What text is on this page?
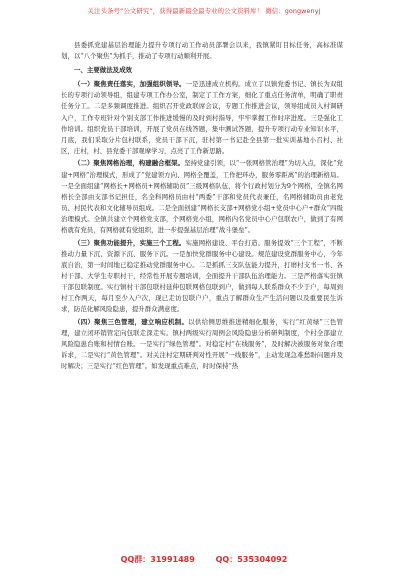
关注头条号“公文研究”，获得最新最全最专业的公文资料库！ 微信：gongwenyj

县委抓党建基层治理能力提升专项行动工作动员部署会以来，我镇紧盯目标任务，高标准谋划，以“八个聚焦”为抓手，推动了专项行动顺利开展。

一、主要做法及成效

（一）聚焦责任落实，加强组织领导。一是迅速成立机构。成立了以镇党委书记、镇长为双组长的专项行动领导组，组建专项工作办公室，制定了工作方案，细化了重点任务清单，明确了职责任务分工。二是多频调度推进。组织召开党政联席会议，专题工作推进会议，领导组成员入村调研入户，工作专班针对个别支部工作推进缓慢的及时到村指导，牢牢掌握工作时序进度。三是强化工作培训。组织党员干部培训，开展了党员在线答题，集中测试答题，提升专项行动专业知识水平，月底，我们采取分片包村联系，党员干部下沉，驻村第一书记赴全县第一批实训基地小召村、社区，庄村，村、县党委干部观摩学习，点亮了工作新思路。

（二）聚焦网格治理，构建融合框架。坚持党建引领，以“一张网格管治理”为切入点，深化“党建+网格”治理模式，形成了“党建领方向、网格全覆盖，工作把环办，服务零距离”的治理新格局。一是全面组建“网格长+网格员+网格辅助员”三级网格队伍，将个行政村划分为9个网格，全镇名网格长全部由支部书记担任，名全科网格员由村“两委”干部和党员代表兼任，名网格辅助员由老党员、村民代表和文化辅导员组成。二是全面创建“网格长支部+网格党小组+党员中心户+群众”四级治理模式。全镇共建立个网格党支部，个网格党小组，网格内名党员中心户包联农户，做到了有网格就有党员，有网格就有党组织，进一步提强基层治理“战斗堡垒”。

（三）聚焦功能提升，实施三个工程。实施网格建设、平台打造、服务提效“三个工程”，不断推动力量下沉、资源下沉、服务下沉。一是加快党群服务中心建设。规范建设党群服务中心，今年底自治，第一时间地已稳定推动党群服务中心。二是抓抓三支队伍能力提升，打磨村支书一书、各村干部、大学生专职村干，经常性开展专题培训，全面提升干部队伍治理能力。三是严格落实驻镇干部包联制度。实行镇村干部包联村延伸包联网格包联到户，做到每人联系群众不少于户，每周到村工作两天，每月至少入户次，现已走访包联户户，重点了解群众生产生活问题以及重要民生诉求，防范化解风险隐患，提升群众满意度。

（四）聚焦三色管理，建立响应机制。以供给侧思维推进精细化服务，实行“红黄绿”三色管理，建立闭环销管定向包联走深走实。镇村两级实行周例会风险隐患分析研判制度，个村全部建立风险隐患台账和村情台账。一是实行“绿色管理”。对稳定村“在线服务”，及时解决被服务对象合理诉求，二是实行“黄色管理”。对关注村定期研判对性开展“一线服务”，主动发现急难愁盼问题并及时解决；三是实行“红色管理”。如发现重点难点，时时保持“热

QQ群：31991489	QQ：535304092
